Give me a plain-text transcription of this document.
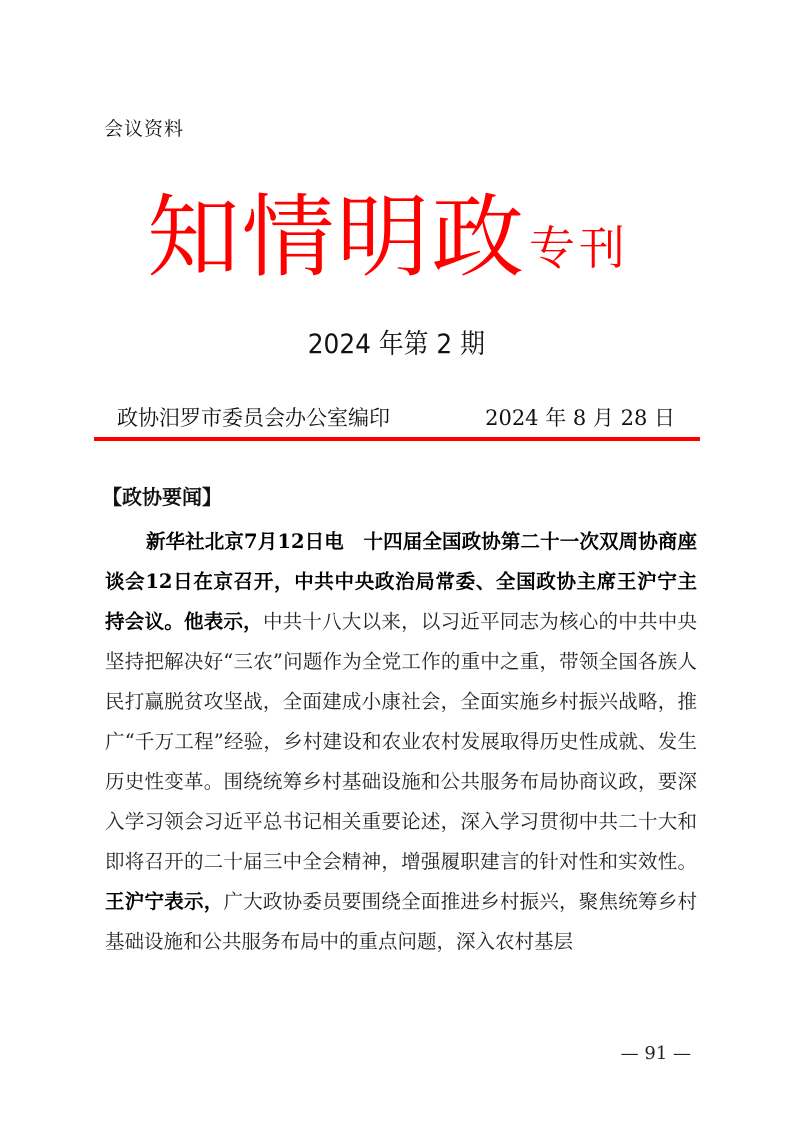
会议资料
知情明政 专刊
2024 年第 2 期
政协汨罗市委员会办公室编印	2024 年 8 月 28 日
【政协要闻】

新华社北京7月12日电　十四届全国政协第二十一次双周协商座谈会12日在京召开，中共中央政治局常委、全国政协主席王沪宁主持会议。他表示，中共十八大以来，以习近平同志为核心的中共中央坚持把解决好“三农”问题作为全党工作的重中之重，带领全国各族人民打赢脱贫攻坚战，全面建成小康社会，全面实施乡村振兴战略，推广“千万工程”经验，乡村建设和农业农村发展取得历史性成就、发生历史性变革。围绕统筹乡村基础设施和公共服务布局协商议政，要深入学习领会习近平总书记相关重要论述，深入学习贯彻中共二十大和即将召开的二十届三中全会精神，增强履职建言的针对性和实效性。王沪宁表示，广大政协委员要围绕全面推进乡村振兴，聚焦统筹乡村基础设施和公共服务布局中的重点问题，深入农村基层

— 91 —
